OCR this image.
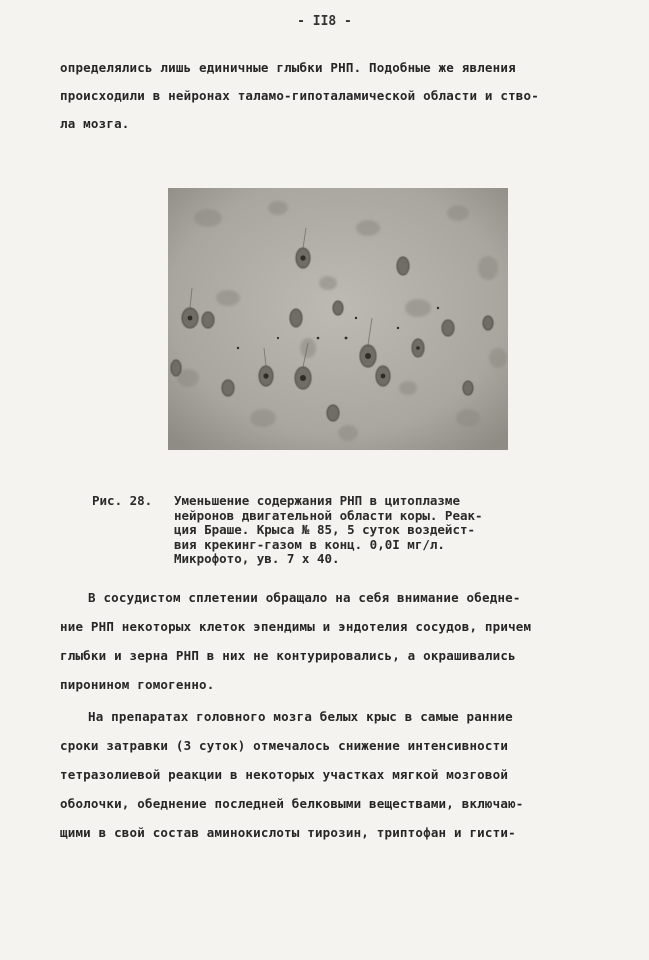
- II8 -
определялись лишь единичные глыбки РНП. Подобные же явления
происходили в нейронах таламо-гипоталамической области и ство-
ла мозга.
Рис. 28. Уменьшение содержания РНП в цитоплазме
нейронов двигательной области коры. Реак-
ция Браше. Крыса № 85, 5 суток воздейст-
вия крекинг-газом в конц. 0,0I мг/л.
Микрофото, ув. 7 х 40.
В сосудистом сплетении обращало на себя внимание обедне-
ние РНП некоторых клеток эпендимы и эндотелия сосудов, причем
глыбки и зерна РНП в них не контурировались, а окрашивались
пиронином гомогенно.
На препаратах головного мозга белых крыс в самые ранние
сроки затравки (3 суток) отмечалось снижение интенсивности
тетразолиевой реакции в некоторых участках мягкой мозговой
оболочки, обеднение последней белковыми веществами, включаю-
щими в свой состав аминокислоты тирозин, триптофан и гисти-
